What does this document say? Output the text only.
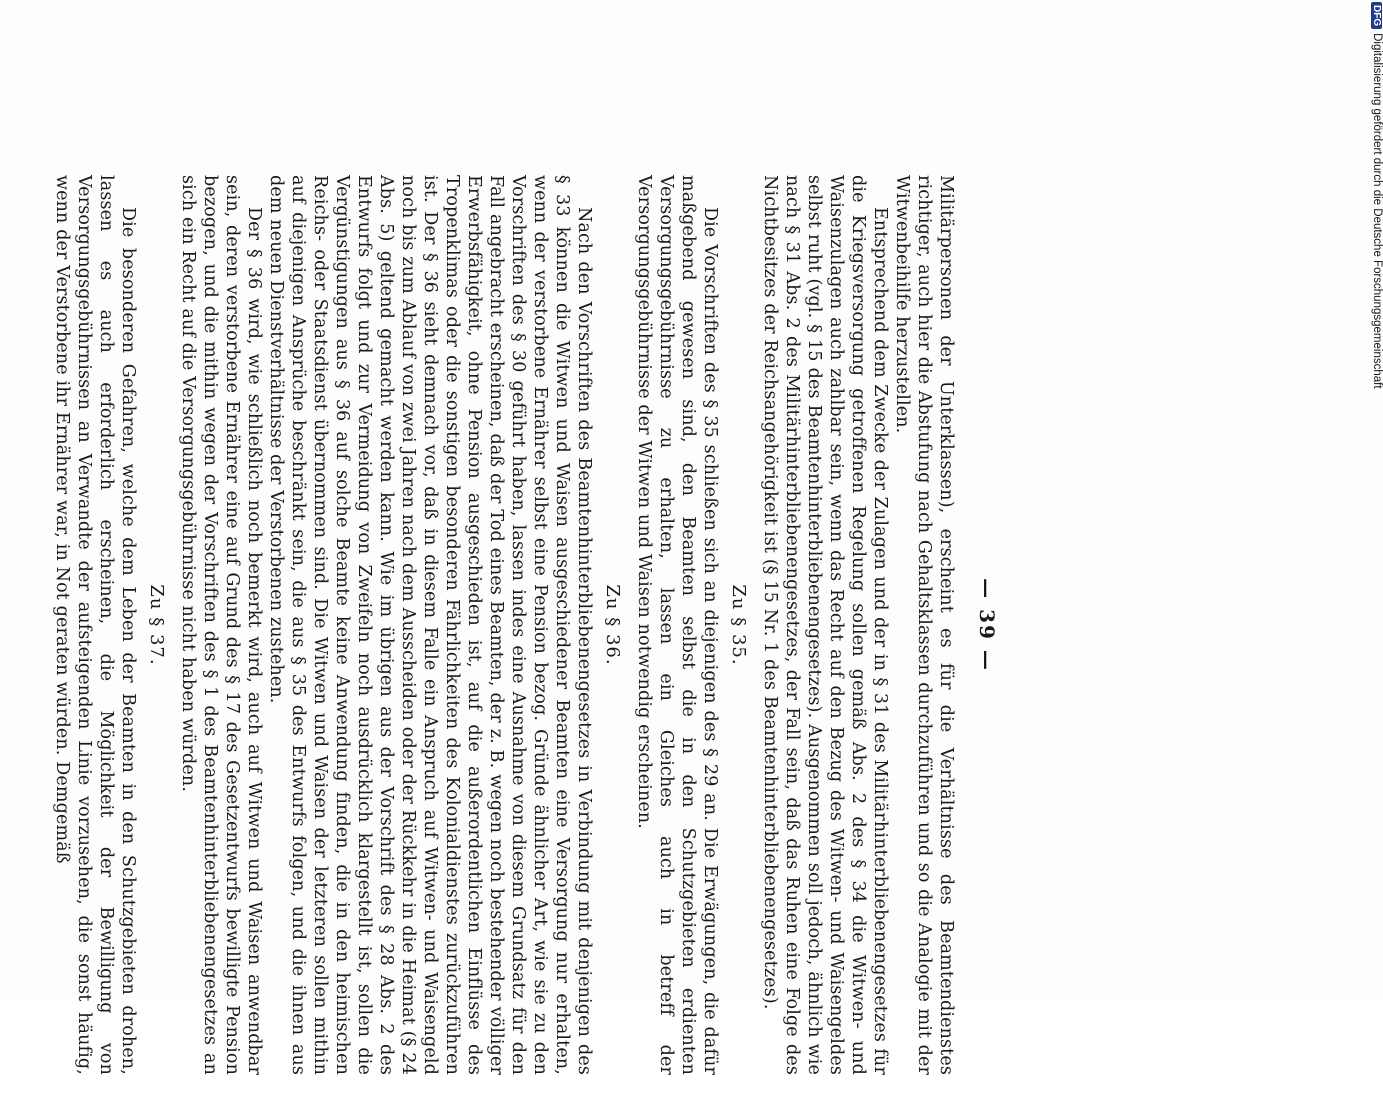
— 39 —

Militärpersonen der Unterklassen), erscheint es für die Verhältnisse des Beamtendienstes richtiger, auch hier die Abstufung nach Gehaltsklassen durchzuführen und so die Analogie mit der Witwenbeihilfe herzustellen.

Entsprechend dem Zwecke der Zulagen und der in § 31 des Militärhinterbliebenengesetzes für die Kriegsversorgung getroffenen Regelung sollen gemäß Abs. 2 des § 34 die Witwen- und Waisenzulagen auch zahlbar sein, wenn das Recht auf den Bezug des Witwen- und Waisengeldes selbst ruht (vgl. § 15 des Beamtenhinterbliebenengesetzes). Ausgenommen soll jedoch, ähnlich wie nach § 31 Abs. 2 des Militärhinterbliebenengesetzes, der Fall sein, daß das Ruhen eine Folge des Nichtbesitzes der Reichsangehörigkeit ist (§ 15 Nr. 1 des Beamtenhinterbliebenengesetzes).

Zu § 35.

Die Vorschriften des § 35 schließen sich an diejenigen des § 29 an. Die Erwägungen, die dafür maßgebend gewesen sind, den Beamten selbst die in den Schutzgebieten erdienten Versorgungsgebührnisse zu erhalten, lassen ein Gleiches auch in betreff der Versorgungsgebührnisse der Witwen und Waisen notwendig erscheinen.

Zu § 36.

Nach den Vorschriften des Beamtenhinterbliebenengesetzes in Verbindung mit denjenigen des § 33 können die Witwen und Waisen ausgeschiedener Beamten eine Versorgung nur erhalten, wenn der verstorbene Ernährer selbst eine Pension bezog. Gründe ähnlicher Art, wie sie zu den Vorschriften des § 30 geführt haben, lassen indes eine Ausnahme von diesem Grundsatz für den Fall angebracht erscheinen, daß der Tod eines Beamten, der z. B. wegen noch bestehender völliger Erwerbsfähigkeit, ohne Pension ausgeschieden ist, auf die außerordentlichen Einflüsse des Tropenklimas oder die sonstigen besonderen Fährlichkeiten des Kolonialdienstes zurückzuführen ist. Der § 36 sieht demnach vor, daß in diesem Falle ein Anspruch auf Witwen- und Waisengeld noch bis zum Ablauf von zwei Jahren nach dem Ausscheiden oder der Rückkehr in die Heimat (§ 24 Abs. 5) geltend gemacht werden kann. Wie im übrigen aus der Vorschrift des § 28 Abs. 2 des Entwurfs folgt und zur Vermeidung von Zweifeln noch ausdrücklich klargestellt ist, sollen die Vergünstigungen aus § 36 auf solche Beamte keine Anwendung finden, die in den heimischen Reichs- oder Staatsdienst übernommen sind. Die Witwen und Waisen der letzteren sollen mithin auf diejenigen Ansprüche beschränkt sein, die aus § 35 des Entwurfs folgen, und die ihnen aus dem neuen Dienstverhältnisse der Verstorbenen zustehen.

Der § 36 wird, wie schließlich noch bemerkt wird, auch auf Witwen und Waisen anwendbar sein, deren verstorbene Ernährer eine auf Grund des § 17 des Gesetzentwurfs bewilligte Pension bezogen, und die mithin wegen der Vorschriften des § 1 des Beamtenhinterbliebenengesetzes an sich ein Recht auf die Versorgungsgebührnisse nicht haben würden.

Zu § 37.

Die besonderen Gefahren, welche dem Leben der Beamten in den Schutzgebieten drohen, lassen es auch erforderlich erscheinen, die Möglichkeit der Bewilligung von Versorgungsgebührnissen an Verwandte der aufsteigenden Linie vorzusehen, die sonst häufig, wenn der Verstorbene ihr Ernährer war, in Not geraten würden. Demgemäß

DFGDigitalisierung gefördert durch die Deutsche Forschungsgemeinschaft
